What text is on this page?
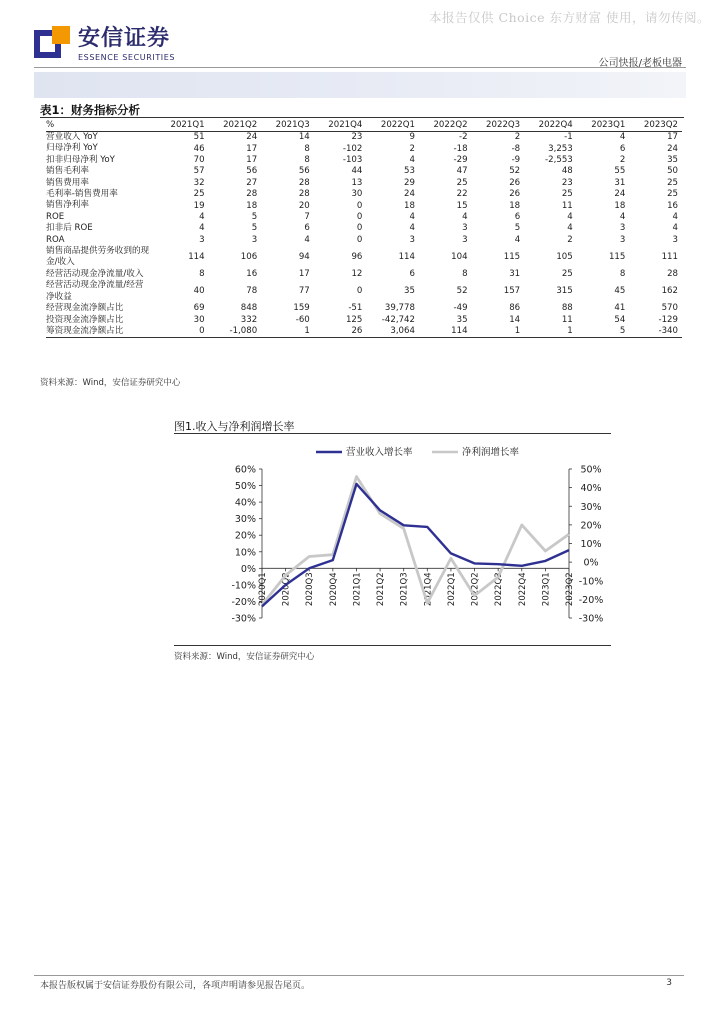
本报告仅供 Choice 东方财富 使用，请勿传阅。
安信证券
ESSENCE SECURITIES
公司快报/老板电器
表1：财务指标分析
%	2021Q1	2021Q2	2021Q3	2021Q4	2022Q1	2022Q2	2022Q3	2022Q4	2023Q1	2023Q2
营业收入 YoY	51	24	14	23	9	-2	2	-1	4	17
归母净利 YoY	46	17	8	-102	2	-18	-8	3,253	6	24
扣非归母净利 YoY	70	17	8	-103	4	-29	-9	-2,553	2	35
销售毛利率	57	56	56	44	53	47	52	48	55	50
销售费用率	32	27	28	13	29	25	26	23	31	25
毛利率-销售费用率	25	28	28	30	24	22	26	25	24	25
销售净利率	19	18	20	0	18	15	18	11	18	16
ROE	4	5	7	0	4	4	6	4	4	4
扣非后 ROE	4	5	6	0	4	3	5	4	3	4
ROA	3	3	4	0	3	3	4	2	3	3
销售商品提供劳务收到的现金/收入	114	106	94	96	114	104	115	105	115	111
经营活动现金净流量/收入	8	16	17	12	6	8	31	25	8	28
经营活动现金净流量/经营净收益	40	78	77	0	35	52	157	315	45	162
经营现金流净额占比	69	848	159	-51	39,778	-49	86	88	41	570
投资现金流净额占比	30	332	-60	125	-42,742	35	14	11	54	-129
筹资现金流净额占比	0	-1,080	1	26	3,064	114	1	1	5	-340
资料来源：Wind，安信证券研究中心
图1.收入与净利润增长率
营业收入增长率	净利润增长率
60%
50%
40%
30%
20%
10%
0%
-10%
-20%
-30%
50%
40%
30%
20%
10%
0%
-10%
-20%
-30%
2020Q1 2020Q2 2020Q3 2020Q4 2021Q1 2021Q2 2021Q3 2021Q4 2022Q1 2022Q2 2022Q3 2022Q4 2023Q1 2023Q2
资料来源：Wind，安信证券研究中心
本报告版权属于安信证券股份有限公司，各项声明请参见报告尾页。	3
